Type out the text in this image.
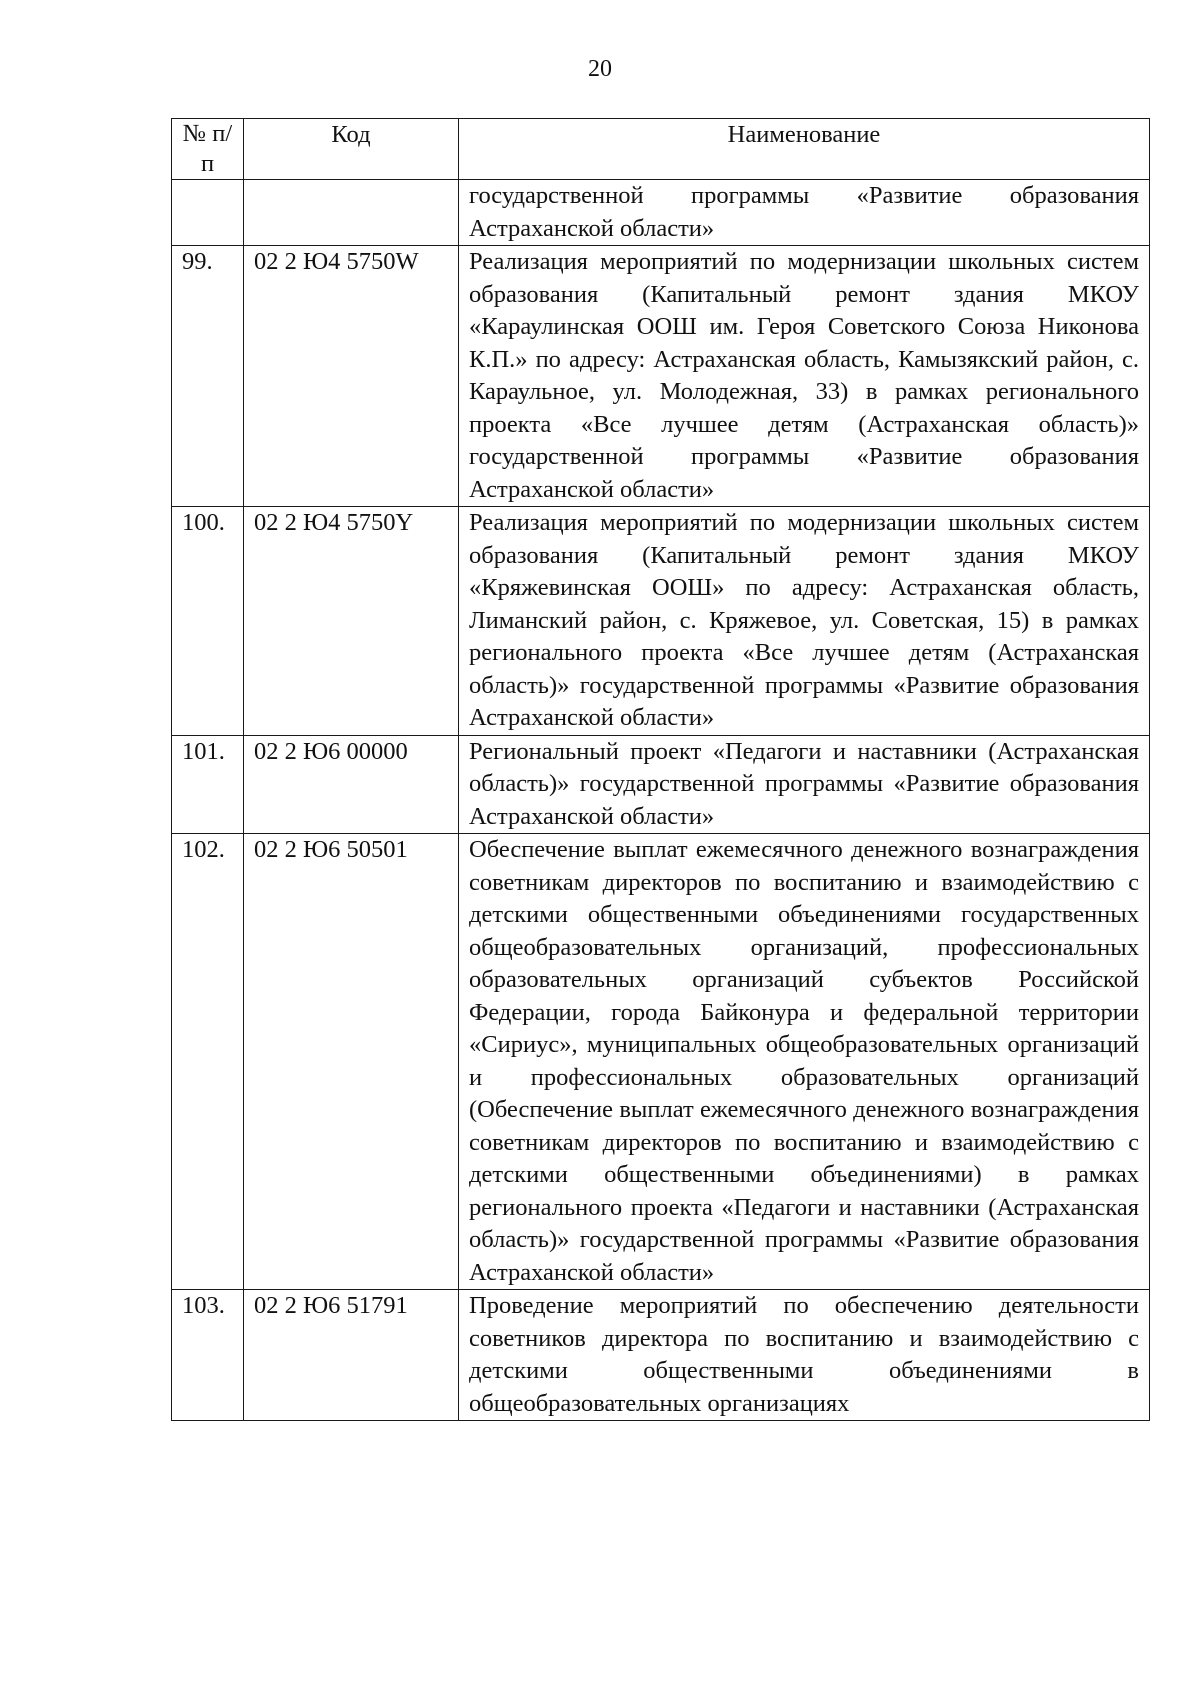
20
№ п/п	Код	Наименование
		государственной программы «Развитие образования Астраханской области»
99.	02 2 Ю4 5750W	Реализация мероприятий по модернизации школьных систем образования (Капитальный ремонт здания МКОУ «Караулинская ООШ им. Героя Советского Союза Никонова К.П.» по адресу: Астраханская область, Камызякский район, с. Караульное, ул. Молодежная, 33) в рамках регионального проекта «Все лучшее детям (Астраханская область)» государственной программы «Развитие образования Астраханской области»
100.	02 2 Ю4 5750Y	Реализация мероприятий по модернизации школьных систем образования (Капитальный ремонт здания МКОУ «Кряжевинская ООШ» по адресу: Астраханская область, Лиманский район, с. Кряжевое, ул. Советская, 15) в рамках регионального проекта «Все лучшее детям (Астраханская область)» государственной программы «Развитие образования Астраханской области»
101.	02 2 Ю6 00000	Региональный проект «Педагоги и наставники (Астраханская область)» государственной программы «Развитие образования Астраханской области»
102.	02 2 Ю6 50501	Обеспечение выплат ежемесячного денежного вознаграждения советникам директоров по воспитанию и взаимодействию с детскими общественными объединениями государственных общеобразовательных организаций, профессиональных образовательных организаций субъектов Российской Федерации, города Байконура и федеральной территории «Сириус», муниципальных общеобразовательных организаций и профессиональных образовательных организаций (Обеспечение выплат ежемесячного денежного вознаграждения советникам директоров по воспитанию и взаимодействию с детскими общественными объединениями) в рамках регионального проекта «Педагоги и наставники (Астраханская область)» государственной программы «Развитие образования Астраханской области»
103.	02 2 Ю6 51791	Проведение мероприятий по обеспечению деятельности советников директора по воспитанию и взаимодействию с детскими общественными объединениями в общеобразовательных организациях
